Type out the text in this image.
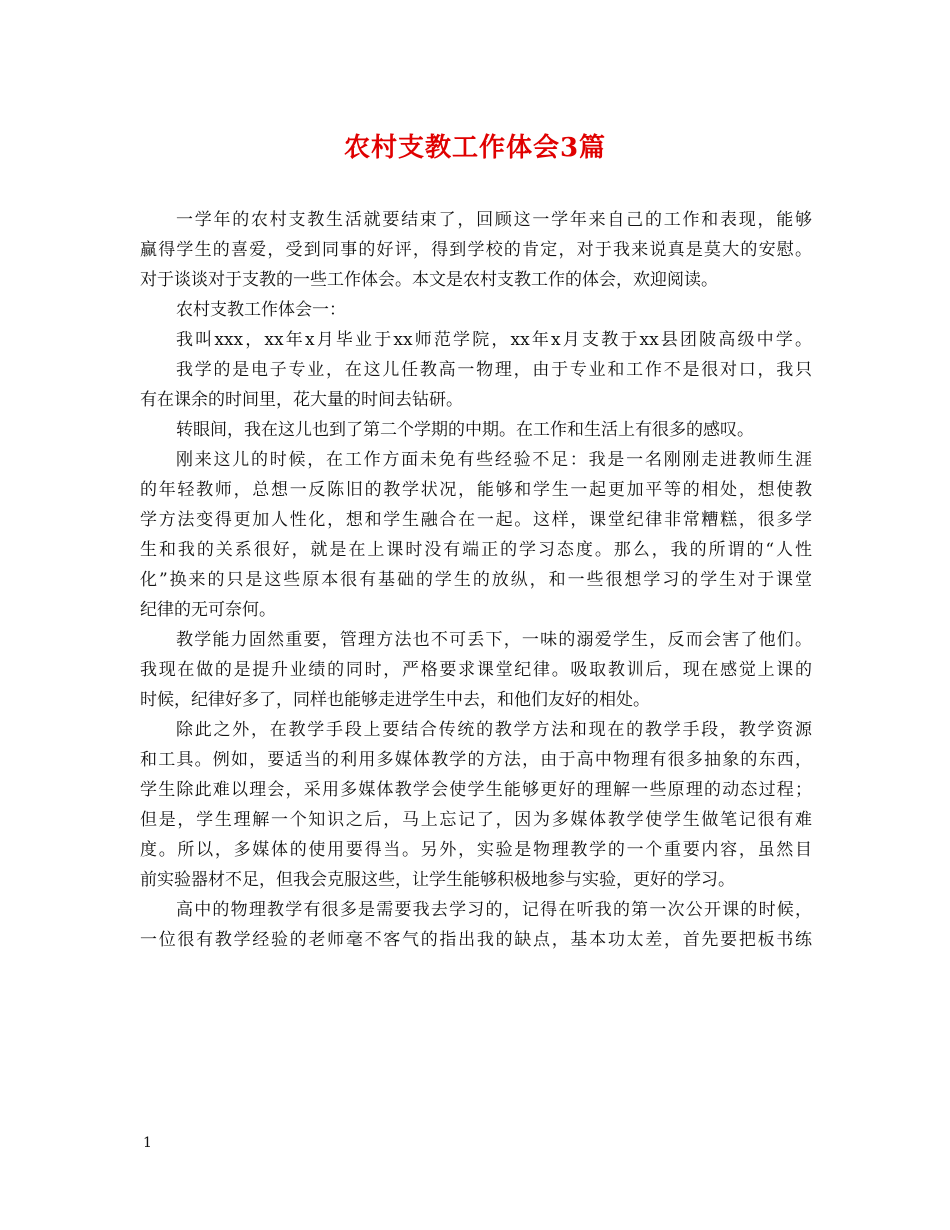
农村支教工作体会3篇
一学年的农村支教生活就要结束了，回顾这一学年来自己的工作和表现，能够
赢得学生的喜爱，受到同事的好评，得到学校的肯定，对于我来说真是莫大的安慰。
对于谈谈对于支教的一些工作体会。本文是农村支教工作的体会，欢迎阅读。
农村支教工作体会一：
我叫xxx，xx年x月毕业于xx师范学院，xx年x月支教于xx县团陂高级中学。
我学的是电子专业，在这儿任教高一物理，由于专业和工作不是很对口，我只
有在课余的时间里，花大量的时间去钻研。
转眼间，我在这儿也到了第二个学期的中期。在工作和生活上有很多的感叹。
刚来这儿的时候，在工作方面未免有些经验不足：我是一名刚刚走进教师生涯
的年轻教师，总想一反陈旧的教学状况，能够和学生一起更加平等的相处，想使教
学方法变得更加人性化，想和学生融合在一起。这样，课堂纪律非常糟糕，很多学
生和我的关系很好，就是在上课时没有端正的学习态度。那么，我的所谓的“人性
化”换来的只是这些原本很有基础的学生的放纵，和一些很想学习的学生对于课堂
纪律的无可奈何。
教学能力固然重要，管理方法也不可丢下，一味的溺爱学生，反而会害了他们。
我现在做的是提升业绩的同时，严格要求课堂纪律。吸取教训后，现在感觉上课的
时候，纪律好多了，同样也能够走进学生中去，和他们友好的相处。
除此之外，在教学手段上要结合传统的教学方法和现在的教学手段，教学资源
和工具。例如，要适当的利用多媒体教学的方法，由于高中物理有很多抽象的东西，
学生除此难以理会，采用多媒体教学会使学生能够更好的理解一些原理的动态过程；
但是，学生理解一个知识之后，马上忘记了，因为多媒体教学使学生做笔记很有难
度。所以，多媒体的使用要得当。另外，实验是物理教学的一个重要内容，虽然目
前实验器材不足，但我会克服这些，让学生能够积极地参与实验，更好的学习。
高中的物理教学有很多是需要我去学习的，记得在听我的第一次公开课的时候，
一位很有教学经验的老师毫不客气的指出我的缺点，基本功太差，首先要把板书练
1
